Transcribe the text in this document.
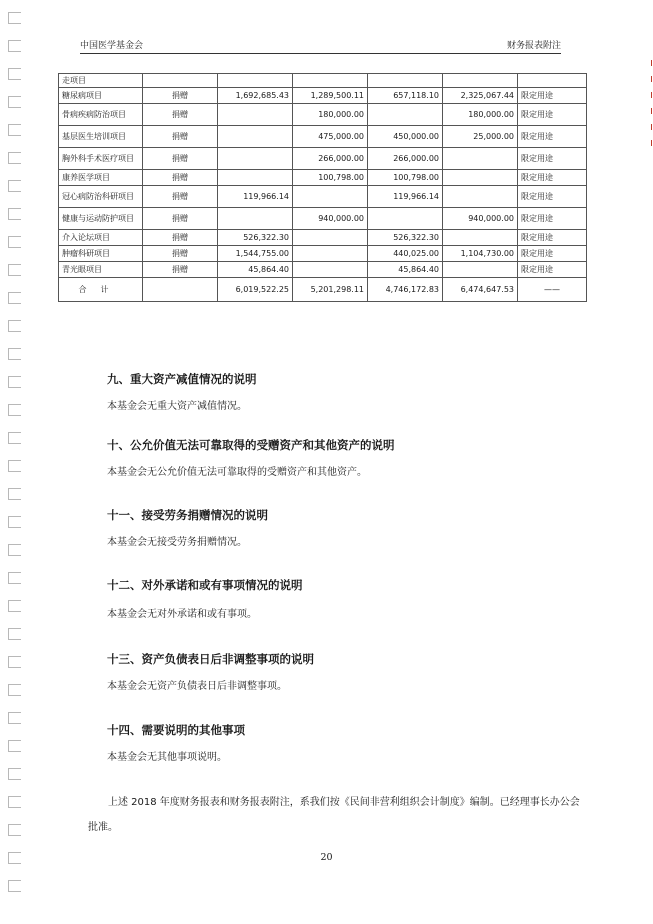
中国医学基金会	财务报表附注
走项目						
糖尿病项目	捐赠	1,692,685.43	1,289,500.11	657,118.10	2,325,067.44	限定用途
骨病疾病防治项目	捐赠		180,000.00		180,000.00	限定用途
基层医生培训项目	捐赠		475,000.00	450,000.00	25,000.00	限定用途
胸外科手术医疗项目	捐赠		266,000.00	266,000.00		限定用途
康养医学项目	捐赠		100,798.00	100,798.00		限定用途
冠心病防治科研项目	捐赠	119,966.14		119,966.14		限定用途
健康与运动防护项目	捐赠		940,000.00		940,000.00	限定用途
介入论坛项目	捐赠	526,322.30		526,322.30		限定用途
肿瘤科研项目	捐赠	1,544,755.00		440,025.00	1,104,730.00	限定用途
青光眼项目	捐赠	45,864.40		45,864.40		限定用途
合计		6,019,522.25	5,201,298.11	4,746,172.83	6,474,647.53	——
九、重大资产减值情况的说明

本基金会无重大资产减值情况。

十、公允价值无法可靠取得的受赠资产和其他资产的说明

本基金会无公允价值无法可靠取得的受赠资产和其他资产。

十一、接受劳务捐赠情况的说明

本基金会无接受劳务捐赠情况。

十二、对外承诺和或有事项情况的说明

本基金会无对外承诺和或有事项。

十三、资产负债表日后非调整事项的说明

本基金会无资产负债表日后非调整事项。

十四、需要说明的其他事项

本基金会无其他事项说明。

上述 2018 年度财务报表和财务报表附注，系我们按《民间非营利组织会计制度》编制。已经理事长办公会批准。

20
